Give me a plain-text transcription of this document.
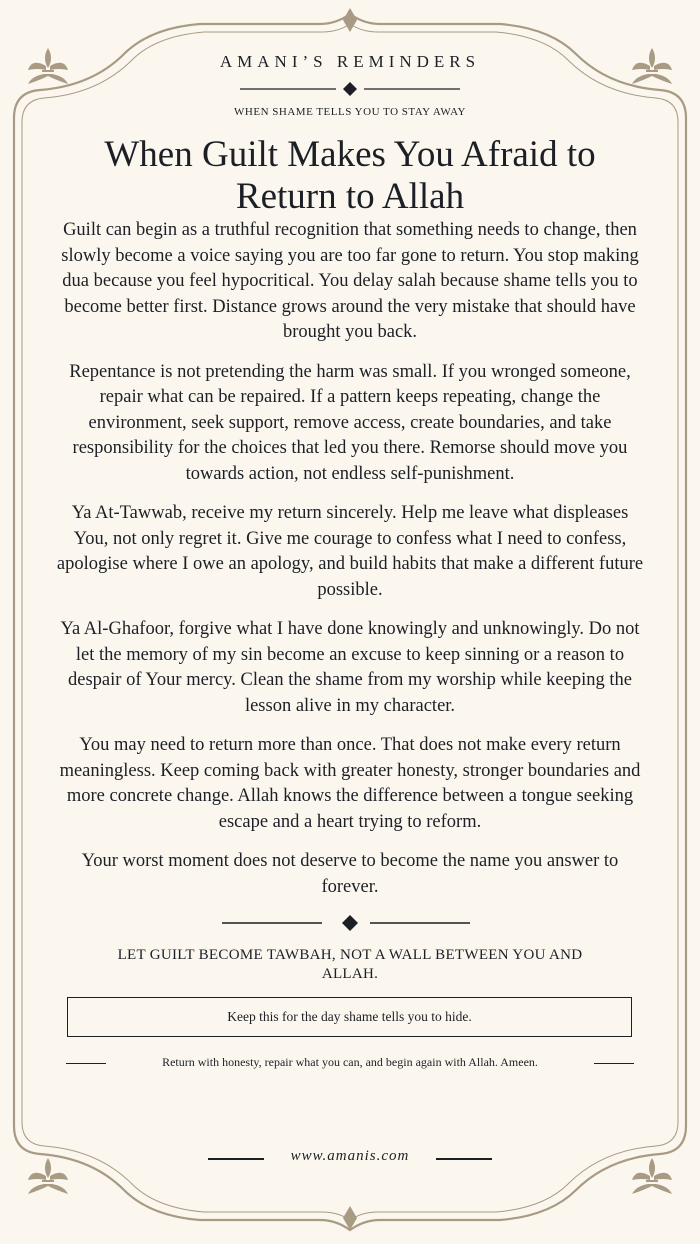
AMANI’S REMINDERS
WHEN SHAME TELLS YOU TO STAY AWAY
When Guilt Makes You Afraid to Return to Allah

Guilt can begin as a truthful recognition that something needs to change, then slowly become a voice saying you are too far gone to return. You stop making dua because you feel hypocritical. You delay salah because shame tells you to become better first. Distance grows around the very mistake that should have brought you back.

Repentance is not pretending the harm was small. If you wronged someone, repair what can be repaired. If a pattern keeps repeating, change the environment, seek support, remove access, create boundaries, and take responsibility for the choices that led you there. Remorse should move you towards action, not endless self-punishment.

Ya At-Tawwab, receive my return sincerely. Help me leave what displeases You, not only regret it. Give me courage to confess what I need to confess, apologise where I owe an apology, and build habits that make a different future possible.

Ya Al-Ghafoor, forgive what I have done knowingly and unknowingly. Do not let the memory of my sin become an excuse to keep sinning or a reason to despair of Your mercy. Clean the shame from my worship while keeping the lesson alive in my character.

You may need to return more than once. That does not make every return meaningless. Keep coming back with greater honesty, stronger boundaries and more concrete change. Allah knows the difference between a tongue seeking escape and a heart trying to reform.

Your worst moment does not deserve to become the name you answer to forever.

LET GUILT BECOME TAWBAH, NOT A WALL BETWEEN YOU AND ALLAH.
Keep this for the day shame tells you to hide.
Return with honesty, repair what you can, and begin again with Allah. Ameen.
www.amanis.com
